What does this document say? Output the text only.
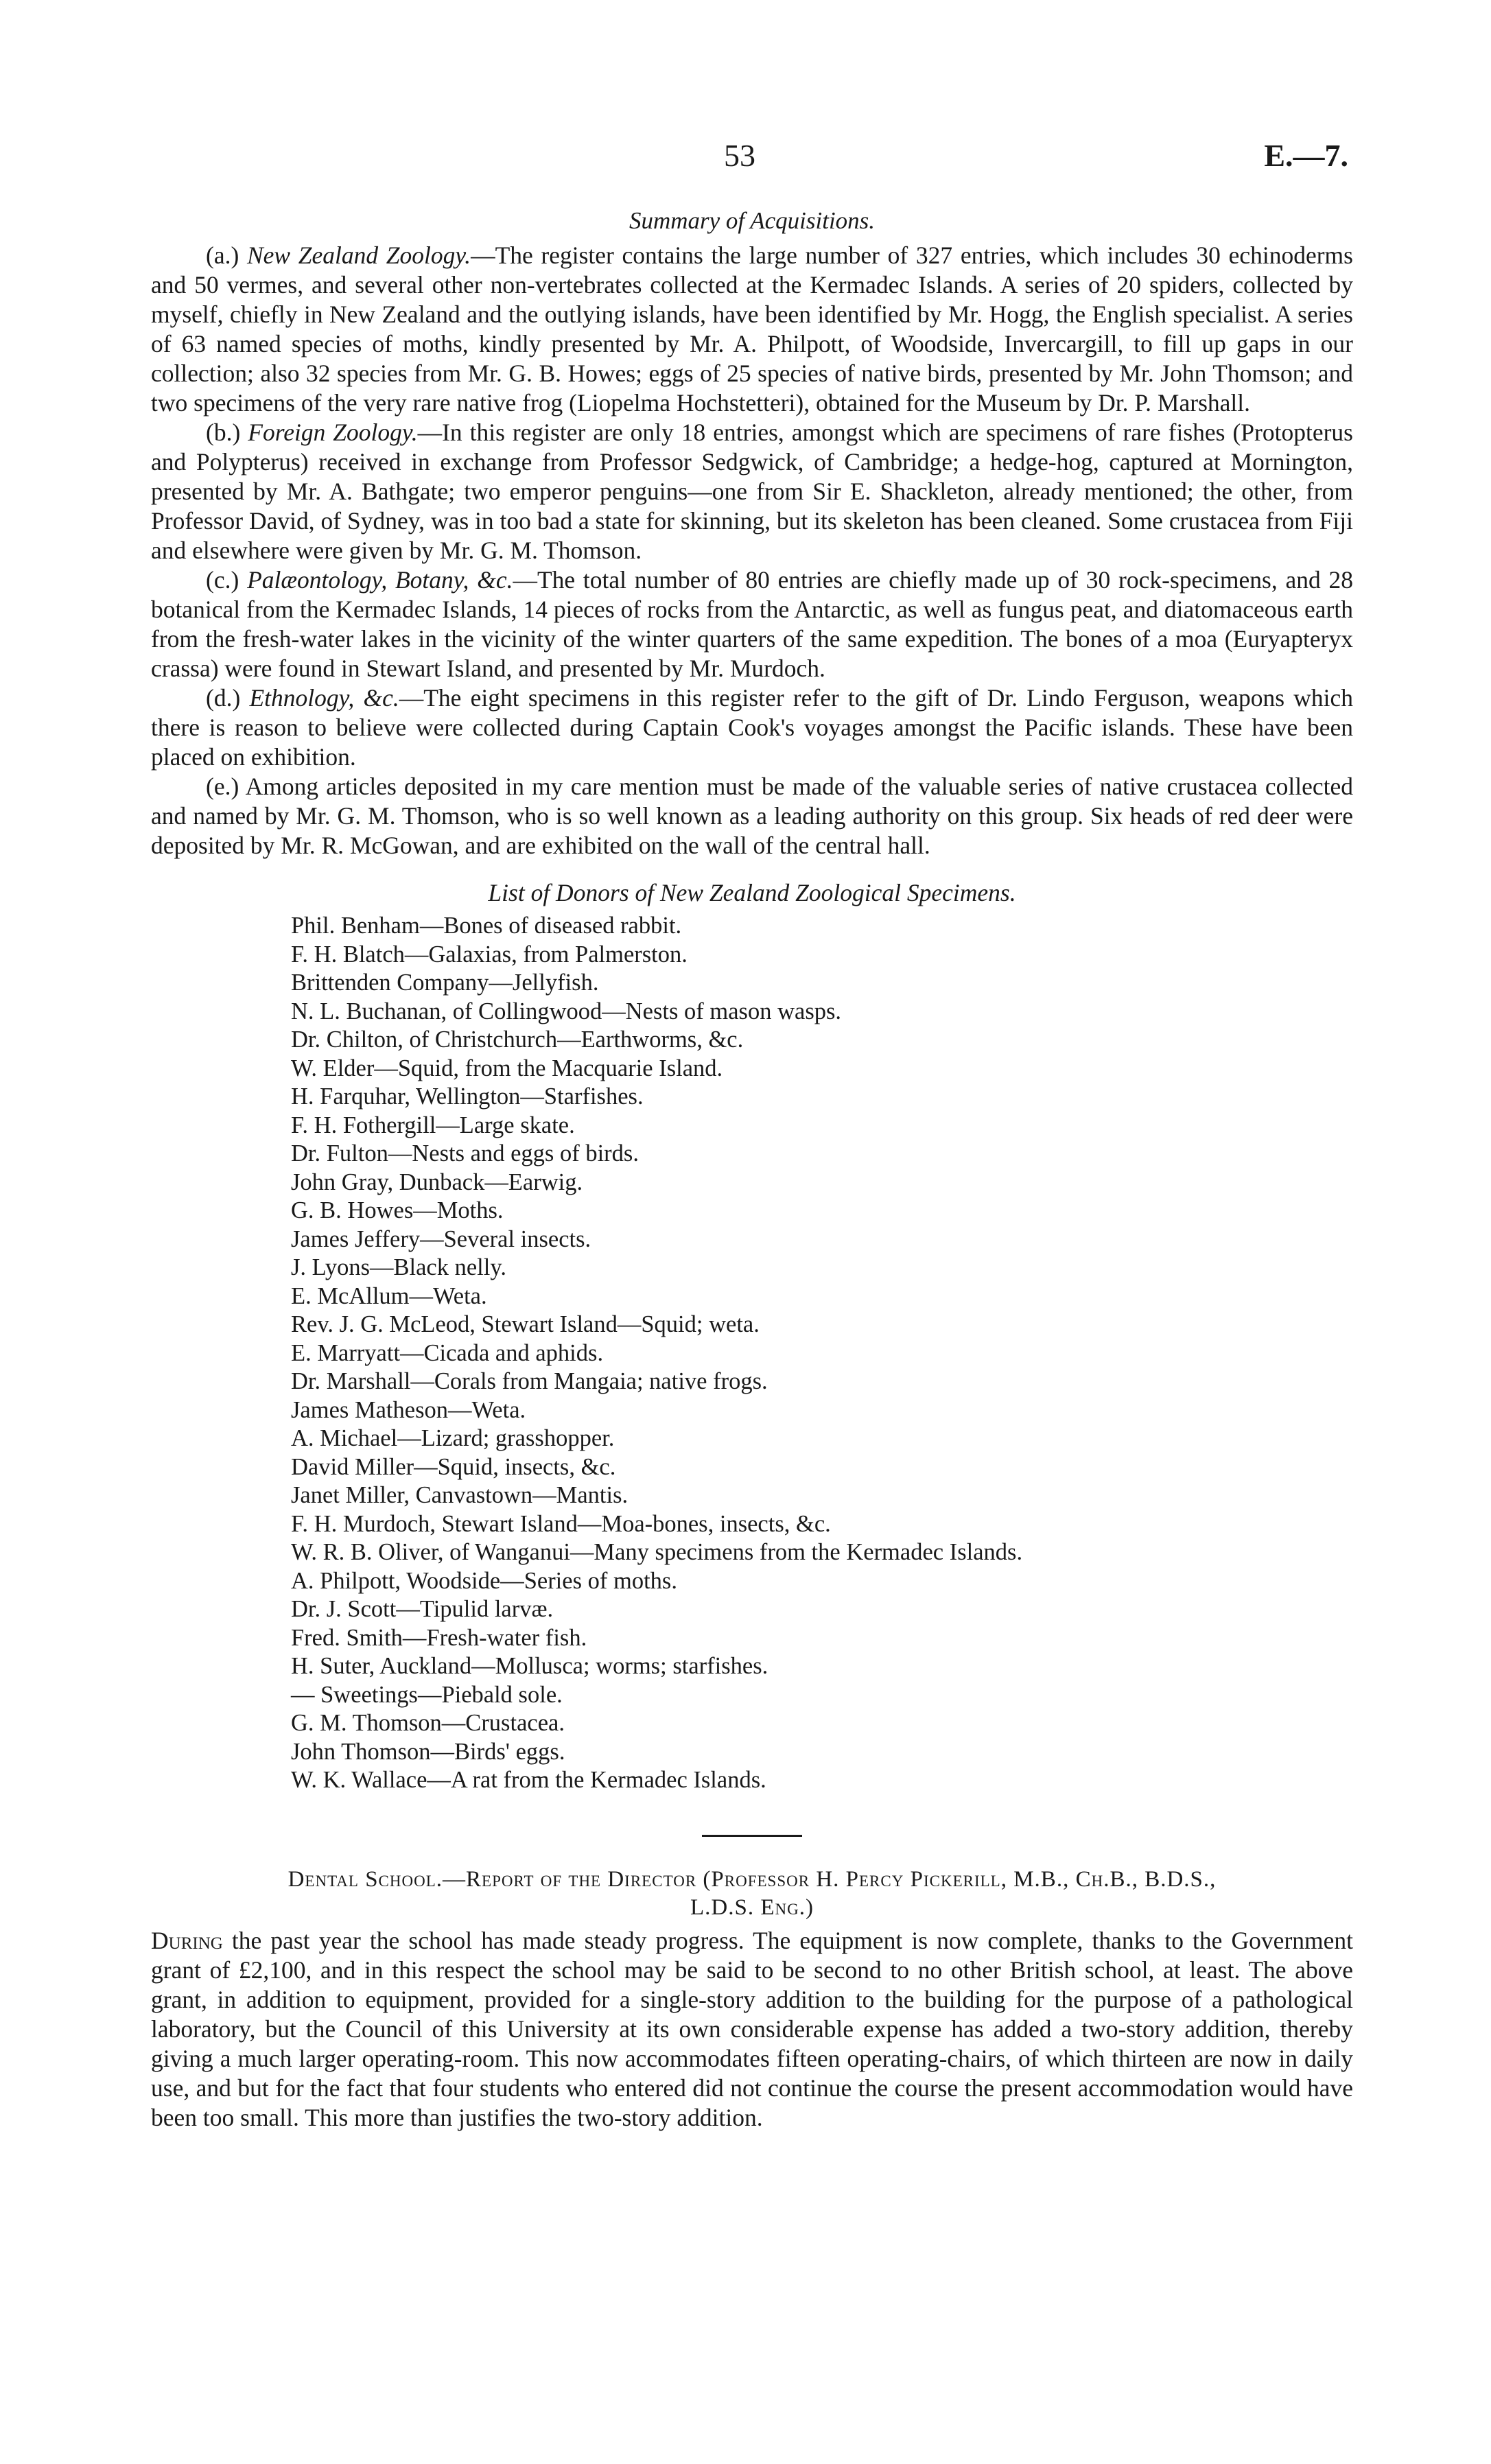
53	E.—7.
Summary of Acquisitions.

(a.) New Zealand Zoology.—The register contains the large number of 327 entries, which includes 30 echinoderms and 50 vermes, and several other non-vertebrates collected at the Kermadec Islands. A series of 20 spiders, collected by myself, chiefly in New Zealand and the outlying islands, have been identified by Mr. Hogg, the English specialist. A series of 63 named species of moths, kindly presented by Mr. A. Philpott, of Woodside, Invercargill, to fill up gaps in our collection; also 32 species from Mr. G. B. Howes; eggs of 25 species of native birds, presented by Mr. John Thomson; and two specimens of the very rare native frog (Liopelma Hochstetteri), obtained for the Museum by Dr. P. Marshall.

(b.) Foreign Zoology.—In this register are only 18 entries, amongst which are specimens of rare fishes (Protopterus and Polypterus) received in exchange from Professor Sedgwick, of Cambridge; a hedge-hog, captured at Mornington, presented by Mr. A. Bathgate; two emperor penguins—one from Sir E. Shackleton, already mentioned; the other, from Professor David, of Sydney, was in too bad a state for skinning, but its skeleton has been cleaned. Some crustacea from Fiji and elsewhere were given by Mr. G. M. Thomson.

(c.) Palæontology, Botany, &c.—The total number of 80 entries are chiefly made up of 30 rock-specimens, and 28 botanical from the Kermadec Islands, 14 pieces of rocks from the Antarctic, as well as fungus peat, and diatomaceous earth from the fresh-water lakes in the vicinity of the winter quarters of the same expedition. The bones of a moa (Euryapteryx crassa) were found in Stewart Island, and presented by Mr. Murdoch.

(d.) Ethnology, &c.—The eight specimens in this register refer to the gift of Dr. Lindo Ferguson, weapons which there is reason to believe were collected during Captain Cook's voyages amongst the Pacific islands. These have been placed on exhibition.

(e.) Among articles deposited in my care mention must be made of the valuable series of native crustacea collected and named by Mr. G. M. Thomson, who is so well known as a leading authority on this group. Six heads of red deer were deposited by Mr. R. McGowan, and are exhibited on the wall of the central hall.

List of Donors of New Zealand Zoological Specimens.
Phil. Benham—Bones of diseased rabbit.
F. H. Blatch—Galaxias, from Palmerston.
Brittenden Company—Jellyfish.
N. L. Buchanan, of Collingwood—Nests of mason wasps.
Dr. Chilton, of Christchurch—Earthworms, &c.
W. Elder—Squid, from the Macquarie Island.
H. Farquhar, Wellington—Starfishes.
F. H. Fothergill—Large skate.
Dr. Fulton—Nests and eggs of birds.
John Gray, Dunback—Earwig.
G. B. Howes—Moths.
James Jeffery—Several insects.
J. Lyons—Black nelly.
E. McAllum—Weta.
Rev. J. G. McLeod, Stewart Island—Squid; weta.
E. Marryatt—Cicada and aphids.
Dr. Marshall—Corals from Mangaia; native frogs.
James Matheson—Weta.
A. Michael—Lizard; grasshopper.
David Miller—Squid, insects, &c.
Janet Miller, Canvastown—Mantis.
F. H. Murdoch, Stewart Island—Moa-bones, insects, &c.
W. R. B. Oliver, of Wanganui—Many specimens from the Kermadec Islands.
A. Philpott, Woodside—Series of moths.
Dr. J. Scott—Tipulid larvæ.
Fred. Smith—Fresh-water fish.
H. Suter, Auckland—Mollusca; worms; starfishes.
— Sweetings—Piebald sole.
G. M. Thomson—Crustacea.
John Thomson—Birds' eggs.
W. K. Wallace—A rat from the Kermadec Islands.
Dental School.—Report of the Director (Professor H. Percy Pickerill, M.B., Ch.B., B.D.S.,
L.D.S. Eng.)

During the past year the school has made steady progress. The equipment is now complete, thanks to the Government grant of £2,100, and in this respect the school may be said to be second to no other British school, at least. The above grant, in addition to equipment, provided for a single-story addition to the building for the purpose of a pathological laboratory, but the Council of this University at its own considerable expense has added a two-story addition, thereby giving a much larger operating-room. This now accommodates fifteen operating-chairs, of which thirteen are now in daily use, and but for the fact that four students who entered did not continue the course the present accommodation would have been too small. This more than justifies the two-story addition.
